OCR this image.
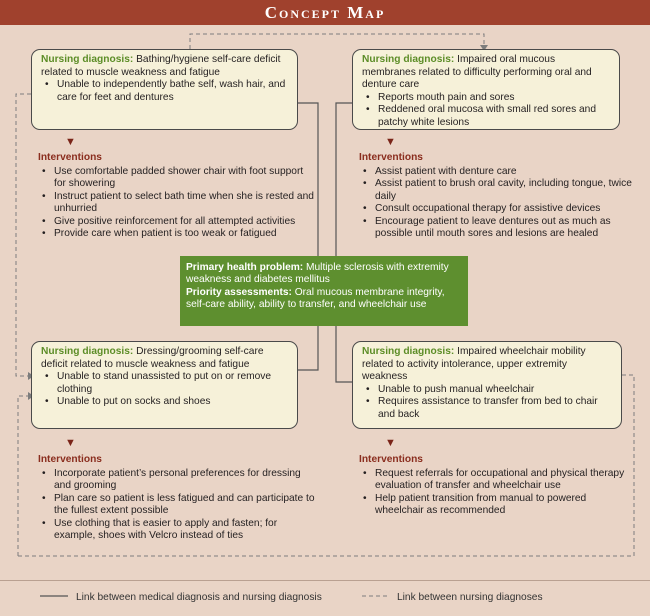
Concept Map
Nursing diagnosis: Bathing/hygiene self-care deficit related to muscle weakness and fatigue
• Unable to independently bathe self, wash hair, and care for feet and dentures
▼
Interventions
• Use comfortable padded shower chair with foot support for showering
• Instruct patient to select bath time when she is rested and unhurried
• Give positive reinforcement for all attempted activities
• Provide care when patient is too weak or fatigued
Nursing diagnosis: Impaired oral mucous membranes related to difficulty performing oral and denture care
• Reports mouth pain and sores
• Reddened oral mucosa with small red sores and patchy white lesions
▼
Interventions
• Assist patient with denture care
• Assist patient to brush oral cavity, including tongue, twice daily
• Consult occupational therapy for assistive devices
• Encourage patient to leave dentures out as much as possible until mouth sores and lesions are healed
Primary health problem: Multiple sclerosis with extremity weakness and diabetes mellitus
Priority assessments: Oral mucous membrane integrity, self-care ability, ability to transfer, and wheelchair use
Nursing diagnosis: Dressing/grooming self-care deficit related to muscle weakness and fatigue
• Unable to stand unassisted to put on or remove clothing
• Unable to put on socks and shoes
▼
Interventions
• Incorporate patient’s personal preferences for dressing and grooming
• Plan care so patient is less fatigued and can participate to the fullest extent possible
• Use clothing that is easier to apply and fasten; for example, shoes with Velcro instead of ties
Nursing diagnosis: Impaired wheelchair mobility related to activity intolerance, upper extremity weakness
• Unable to push manual wheelchair
• Requires assistance to transfer from bed to chair and back
▼
Interventions
• Request referrals for occupational and physical therapy evaluation of transfer and wheelchair use
• Help patient transition from manual to powered wheelchair as recommended
Link between medical diagnosis and nursing diagnosis	Link between nursing diagnoses
